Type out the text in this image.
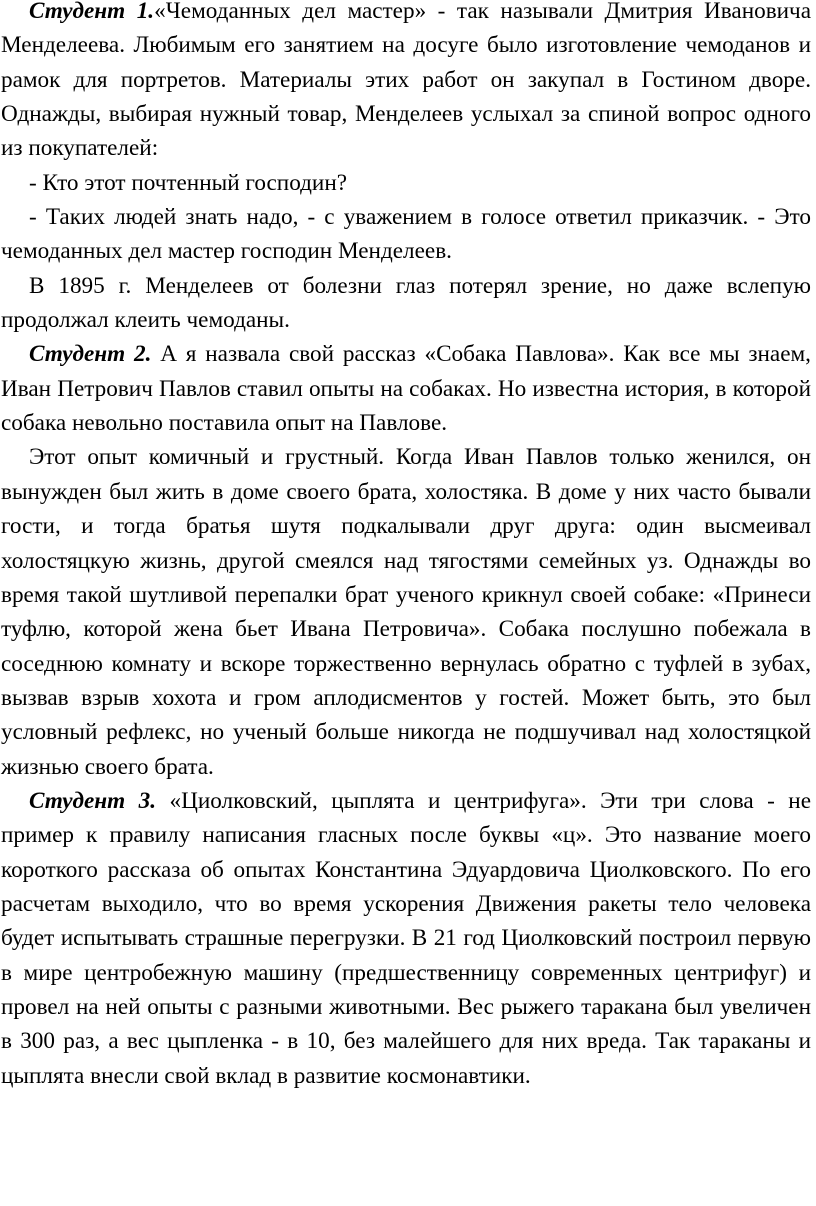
Студент 1.«Чемоданных дел мастер» - так называли Дмитрия Ивановича Менделеева. Любимым его занятием на досуге было изготовление чемоданов и рамок для портретов. Материалы этих работ он закупал в Гостином дворе. Однажды, выбирая нужный товар, Менделеев услыхал за спиной вопрос одного из покупателей:

- Кто этот почтенный господин?

- Таких людей знать надо, - с уважением в голосе ответил приказчик. - Это чемоданных дел мастер господин Менделеев.

В 1895 г. Менделеев от болезни глаз потерял зрение, но даже вслепую продолжал клеить чемоданы.

Студент 2. А я назвала свой рассказ «Собака Павлова». Как все мы знаем, Иван Петрович Павлов ставил опыты на собаках. Но известна история, в которой собака невольно поставила опыт на Павлове.

Этот опыт комичный и грустный. Когда Иван Павлов только женился, он вынужден был жить в доме своего брата, холостяка. В доме у них часто бывали гости, и тогда братья шутя подкалывали друг друга: один высмеивал холостяцкую жизнь, другой смеялся над тягостями семейных уз. Однажды во время такой шутливой перепалки брат ученого крикнул своей собаке: «Принеси туфлю, которой жена бьет Ивана Петровича». Собака послушно побежала в соседнюю комнату и вскоре торжественно вернулась обратно с туфлей в зубах, вызвав взрыв хохота и гром аплодисментов у гостей. Может быть, это был условный рефлекс, но ученый больше никогда не подшучивал над холостяцкой жизнью своего брата.

Студент 3. «Циолковский, цыплята и центрифуга». Эти три слова - не пример к правилу написания гласных после буквы «ц». Это название моего короткого рассказа об опытах Константина Эдуардовича Циолковского. По его расчетам выходило, что во время ускорения Движения ракеты тело человека будет испытывать страшные перегрузки. В 21 год Циолковский построил первую в мире центробежную машину (предшественницу современных центрифуг) и провел на ней опыты с разными животными. Вес рыжего таракана был увеличен в 300 раз, а вес цыпленка - в 10, без малейшего для них вреда. Так тараканы и цыплята внесли свой вклад в развитие космонавтики.
